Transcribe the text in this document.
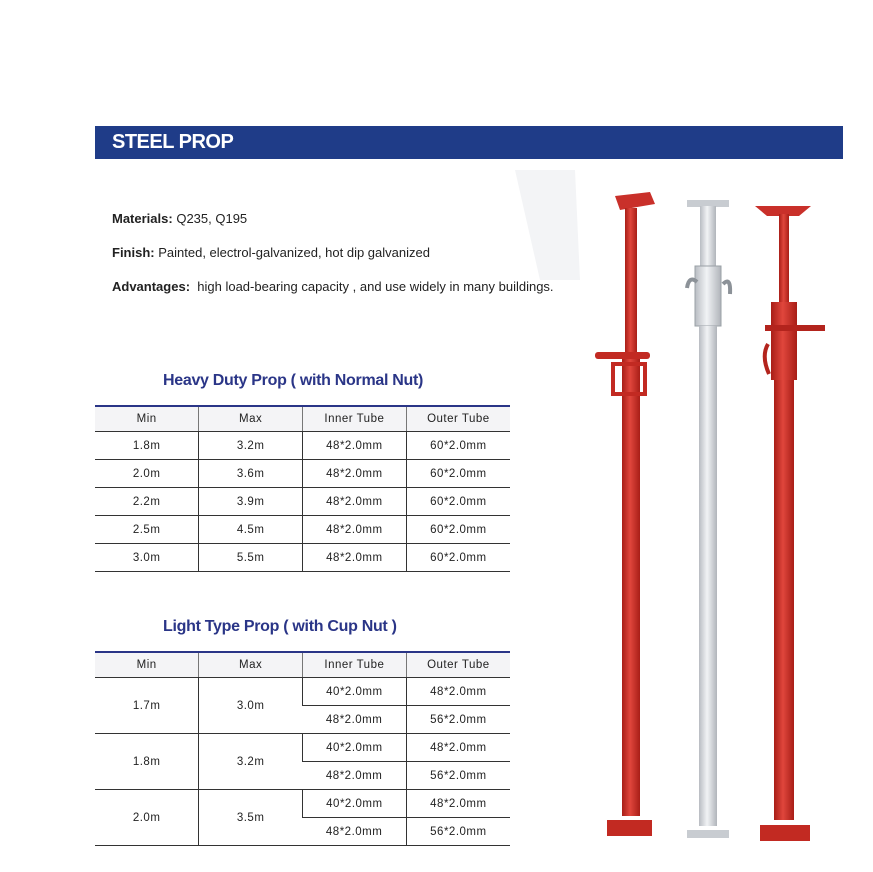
STEEL PROP
Materials: Q235, Q195
Finish: Painted, electrol-galvanized, hot dip galvanized
Advantages: high load-bearing capacity , and use widely in many buildings.
Heavy Duty Prop ( with Normal Nut)
Min	Max	Inner Tube	Outer Tube
1.8m	3.2m	48*2.0mm	60*2.0mm
2.0m	3.6m	48*2.0mm	60*2.0mm
2.2m	3.9m	48*2.0mm	60*2.0mm
2.5m	4.5m	48*2.0mm	60*2.0mm
3.0m	5.5m	48*2.0mm	60*2.0mm
Light Type Prop ( with Cup Nut )
Min	Max	Inner Tube	Outer Tube
1.7m	3.0m	40*2.0mm	48*2.0mm
		48*2.0mm	56*2.0mm
1.8m	3.2m	40*2.0mm	48*2.0mm
		48*2.0mm	56*2.0mm
2.0m	3.5m	40*2.0mm	48*2.0mm
		48*2.0mm	56*2.0mm
